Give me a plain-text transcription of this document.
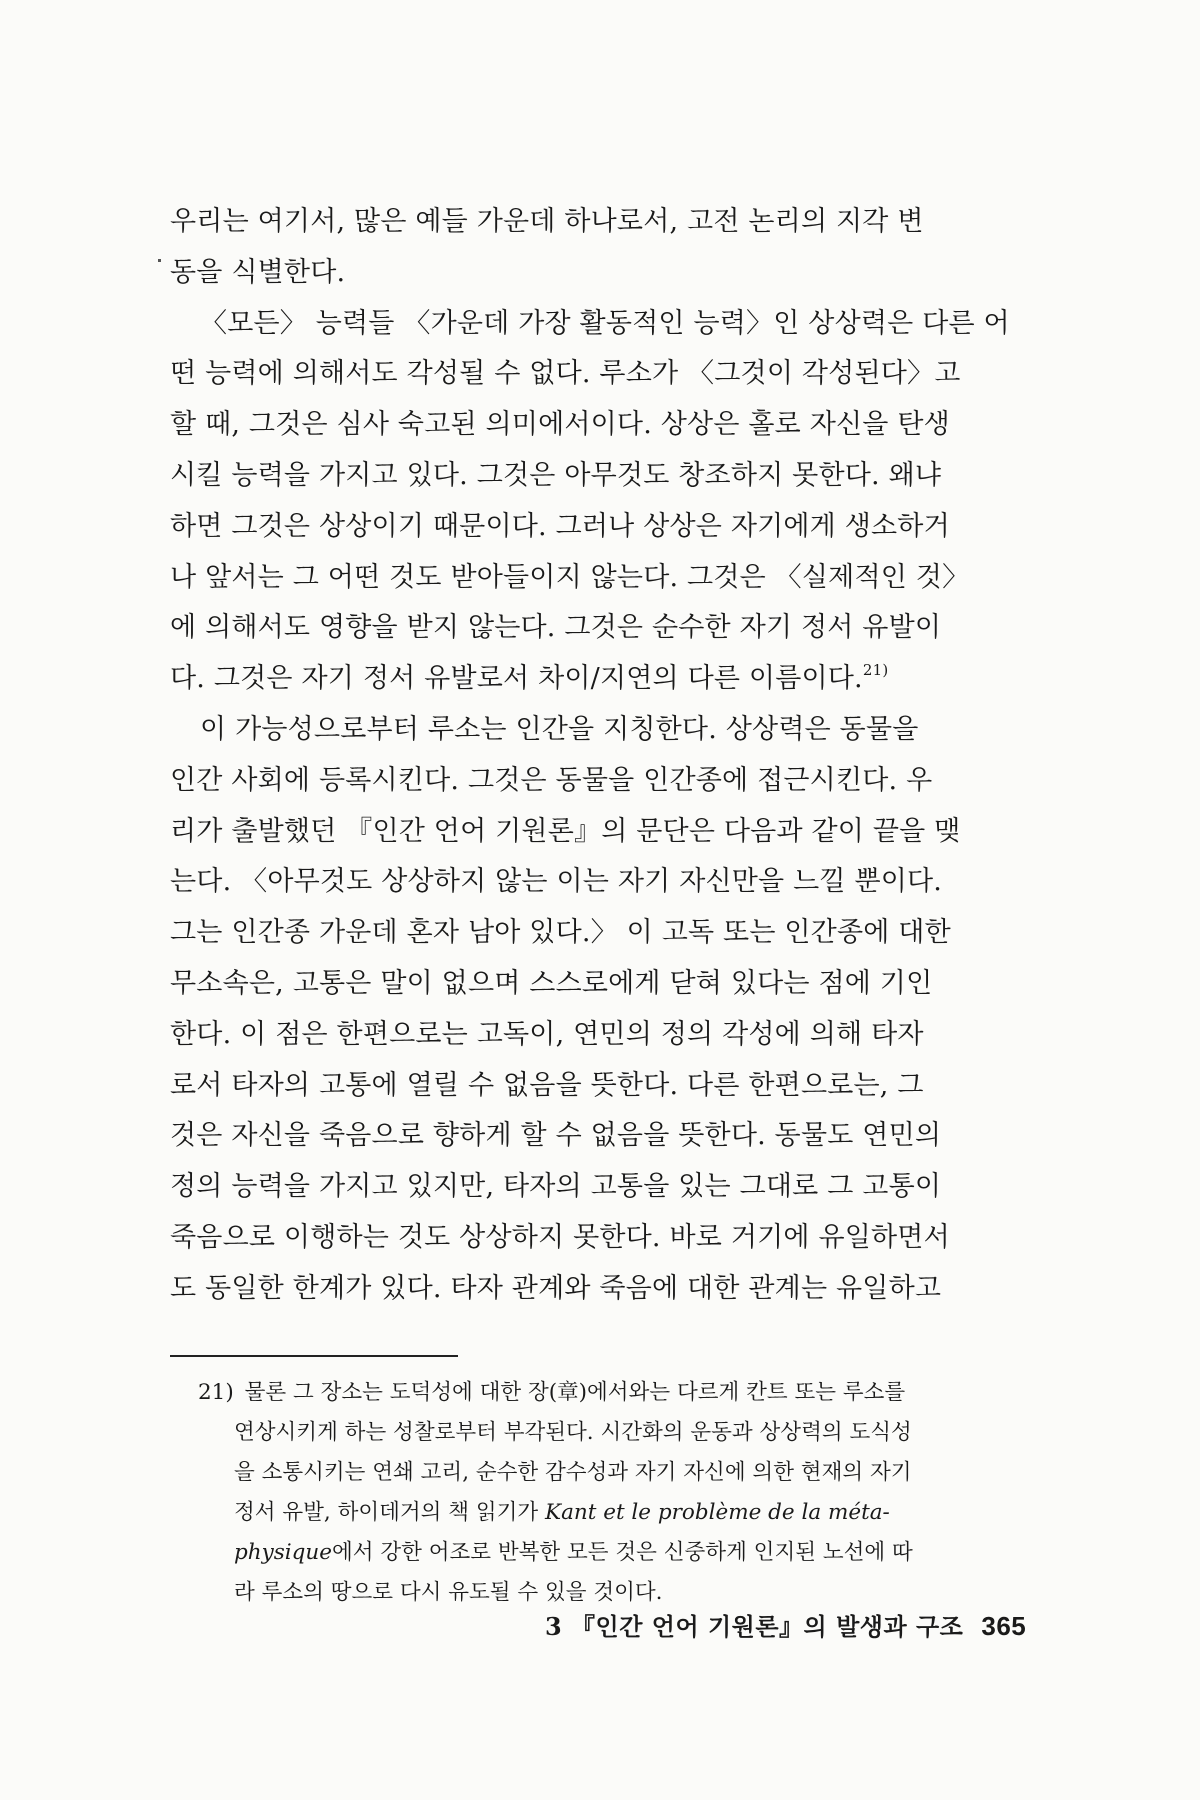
우리는 여기서, 많은 예들 가운데 하나로서, 고전 논리의 지각 변
동을 식별한다.
〈모든〉 능력들 〈가운데 가장 활동적인 능력〉인 상상력은 다른 어
떤 능력에 의해서도 각성될 수 없다. 루소가 〈그것이 각성된다〉고
할 때, 그것은 심사 숙고된 의미에서이다. 상상은 홀로 자신을 탄생
시킬 능력을 가지고 있다. 그것은 아무것도 창조하지 못한다. 왜냐
하면 그것은 상상이기 때문이다. 그러나 상상은 자기에게 생소하거
나 앞서는 그 어떤 것도 받아들이지 않는다. 그것은 〈실제적인 것〉
에 의해서도 영향을 받지 않는다. 그것은 순수한 자기 정서 유발이
다. 그것은 자기 정서 유발로서 차이/지연의 다른 이름이다.$^{21)}$
이 가능성으로부터 루소는 인간을 지칭한다. 상상력은 동물을
인간 사회에 등록시킨다. 그것은 동물을 인간종에 접근시킨다. 우
리가 출발했던 『인간 언어 기원론』의 문단은 다음과 같이 끝을 맺
는다. 〈아무것도 상상하지 않는 이는 자기 자신만을 느낄 뿐이다.
그는 인간종 가운데 혼자 남아 있다.〉 이 고독 또는 인간종에 대한
무소속은, 고통은 말이 없으며 스스로에게 닫혀 있다는 점에 기인
한다. 이 점은 한편으로는 고독이, 연민의 정의 각성에 의해 타자
로서 타자의 고통에 열릴 수 없음을 뜻한다. 다른 한편으로는, 그
것은 자신을 죽음으로 향하게 할 수 없음을 뜻한다. 동물도 연민의
정의 능력을 가지고 있지만, 타자의 고통을 있는 그대로 그 고통이
죽음으로 이행하는 것도 상상하지 못한다. 바로 거기에 유일하면서
도 동일한 한계가 있다. 타자 관계와 죽음에 대한 관계는 유일하고
21) 물론 그 장소는 도덕성에 대한 장(章)에서와는 다르게 칸트 또는 루소를
연상시키게 하는 성찰로부터 부각된다. 시간화의 운동과 상상력의 도식성
을 소통시키는 연쇄 고리, 순수한 감수성과 자기 자신에 의한 현재의 자기
정서 유발, 하이데거의 책 읽기가 Kant et le problème de la méta-
physique에서 강한 어조로 반복한 모든 것은 신중하게 인지된 노선에 따
라 루소의 땅으로 다시 유도될 수 있을 것이다.
3 『인간 언어 기원론』의 발생과 구조 365
